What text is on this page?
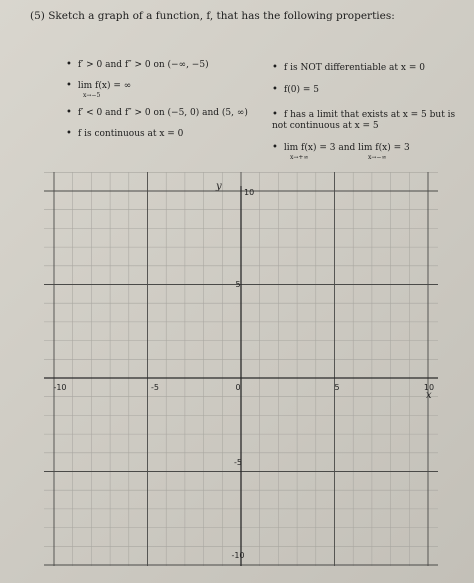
(5) Sketch a graph of a function, f, that has the following properties:
• f′ > 0 and f″ > 0 on (−∞, −5)
• lim f(x) = ∞
x→−5
• f′ < 0 and f″ > 0 on (−5, 0) and (5, ∞)
• f is continuous at x = 0
• f is NOT differentiable at x = 0
• f(0) = 5
• f has a limit that exists at x = 5 but is not continuous at x = 5
• lim f(x) = 3 and lim f(x) = 3
x→+∞	x→−∞
-10	-5	0	5	10
10
5
-5
-10
x
y
